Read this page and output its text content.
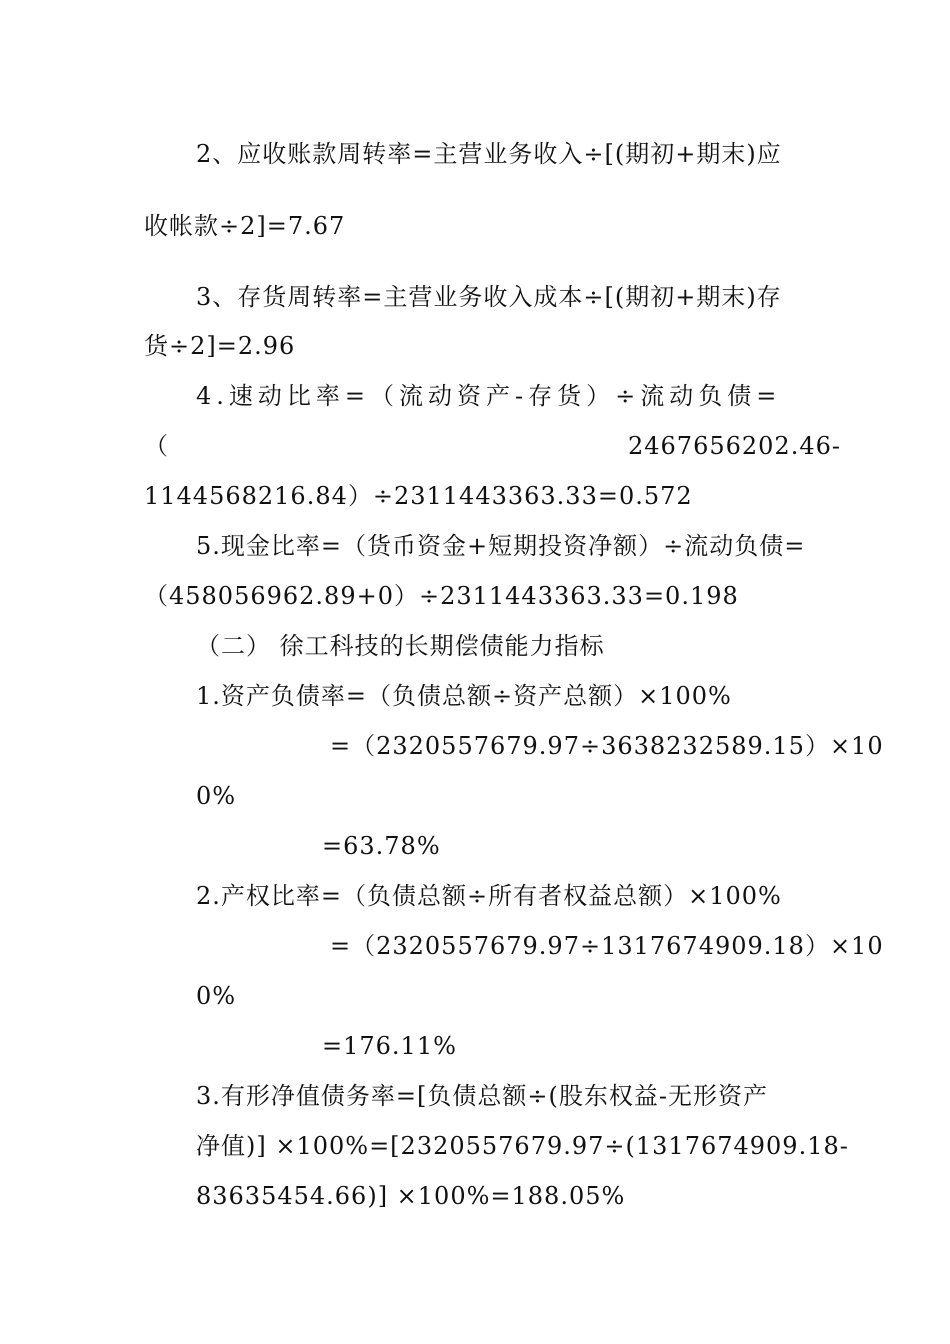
2、应收账款周转率=主营业务收入÷[(期初+期末)应
收帐款÷2]=7.67
3、存货周转率=主营业务收入成本÷[(期初+期末)存
货÷2]=2.96
4.速动比率=（流动资产-存货）÷流动负债=
（	2467656202.46-
1144568216.84）÷2311443363.33=0.572
5.现金比率=（货币资金+短期投资净额）÷流动负债=
（458056962.89+0）÷2311443363.33=0.198
（二） 徐工科技的长期偿债能力指标
1.资产负债率=（负债总额÷资产总额）×100%
=（2320557679.97÷3638232589.15）×10
0%
=63.78%
2.产权比率=（负债总额÷所有者权益总额）×100%
=（2320557679.97÷1317674909.18）×10
0%
=176.11%
3.有形净值债务率=[负债总额÷(股东权益-无形资产
净值)] ×100%=[2320557679.97÷(1317674909.18-
83635454.66)] ×100%=188.05%
